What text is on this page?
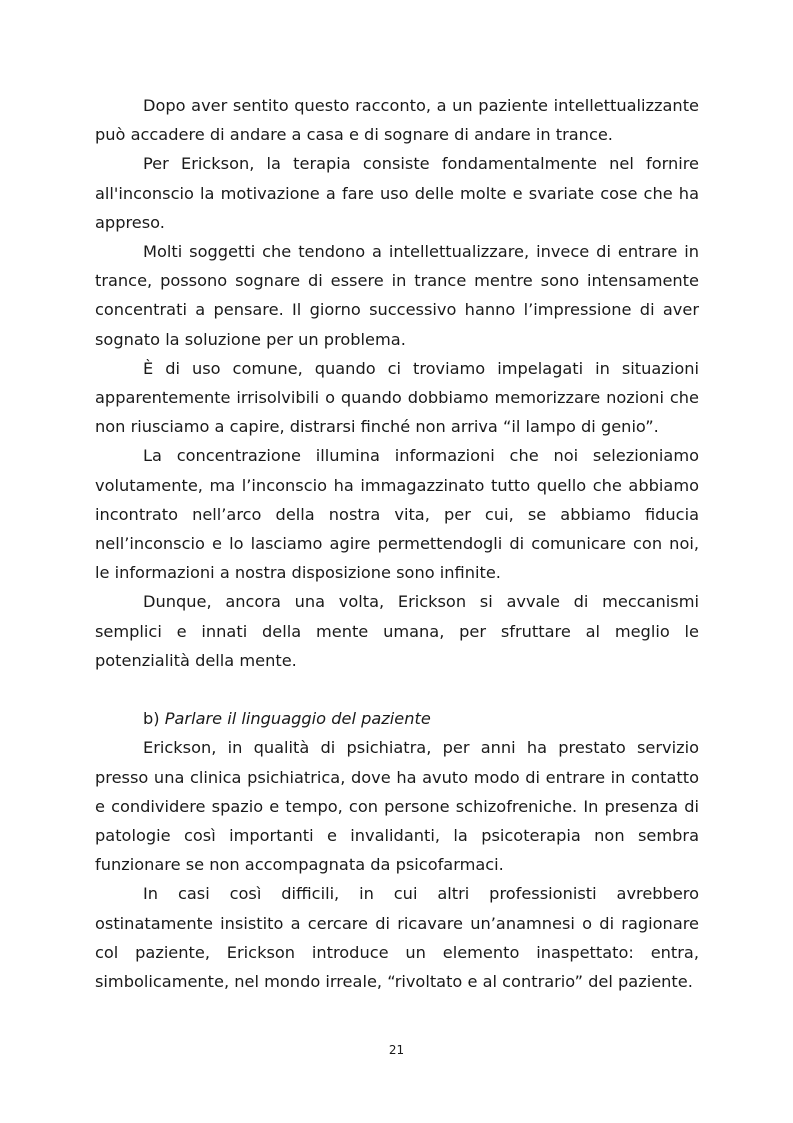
Dopo aver sentito questo racconto, a un paziente intellettualizzante può accadere di andare a casa e di sognare di andare in trance.

Per Erickson, la terapia consiste fondamentalmente nel fornire all'inconscio la motivazione a fare uso delle molte e svariate cose che ha appreso.

Molti soggetti che tendono a intellettualizzare, invece di entrare in trance, possono sognare di essere in trance mentre sono intensamente concentrati a pensare. Il giorno successivo hanno l’impressione di aver sognato la soluzione per un problema.

È di uso comune, quando ci troviamo impelagati in situazioni apparentemente irrisolvibili o quando dobbiamo memorizzare nozioni che non riusciamo a capire, distrarsi finché non arriva “il lampo di genio”.

La concentrazione illumina informazioni che noi selezioniamo volutamente, ma l’inconscio ha immagazzinato tutto quello che abbiamo incontrato nell’arco della nostra vita, per cui, se abbiamo fiducia nell’inconscio e lo lasciamo agire permettendogli di comunicare con noi, le informazioni a nostra disposizione sono infinite.

Dunque, ancora una volta, Erickson si avvale di meccanismi semplici e innati della mente umana, per sfruttare al meglio le potenzialità della mente.

b) Parlare il linguaggio del paziente

Erickson, in qualità di psichiatra, per anni ha prestato servizio presso una clinica psichiatrica, dove ha avuto modo di entrare in contatto e condividere spazio e tempo, con persone schizofreniche. In presenza di patologie così importanti e invalidanti, la psicoterapia non sembra funzionare se non accompagnata da psicofarmaci.

In casi così difficili, in cui altri professionisti avrebbero ostinatamente insistito a cercare di ricavare un’anamnesi o di ragionare col paziente, Erickson introduce un elemento inaspettato: entra, simbolicamente, nel mondo irreale, “rivoltato e al contrario” del paziente.

21
